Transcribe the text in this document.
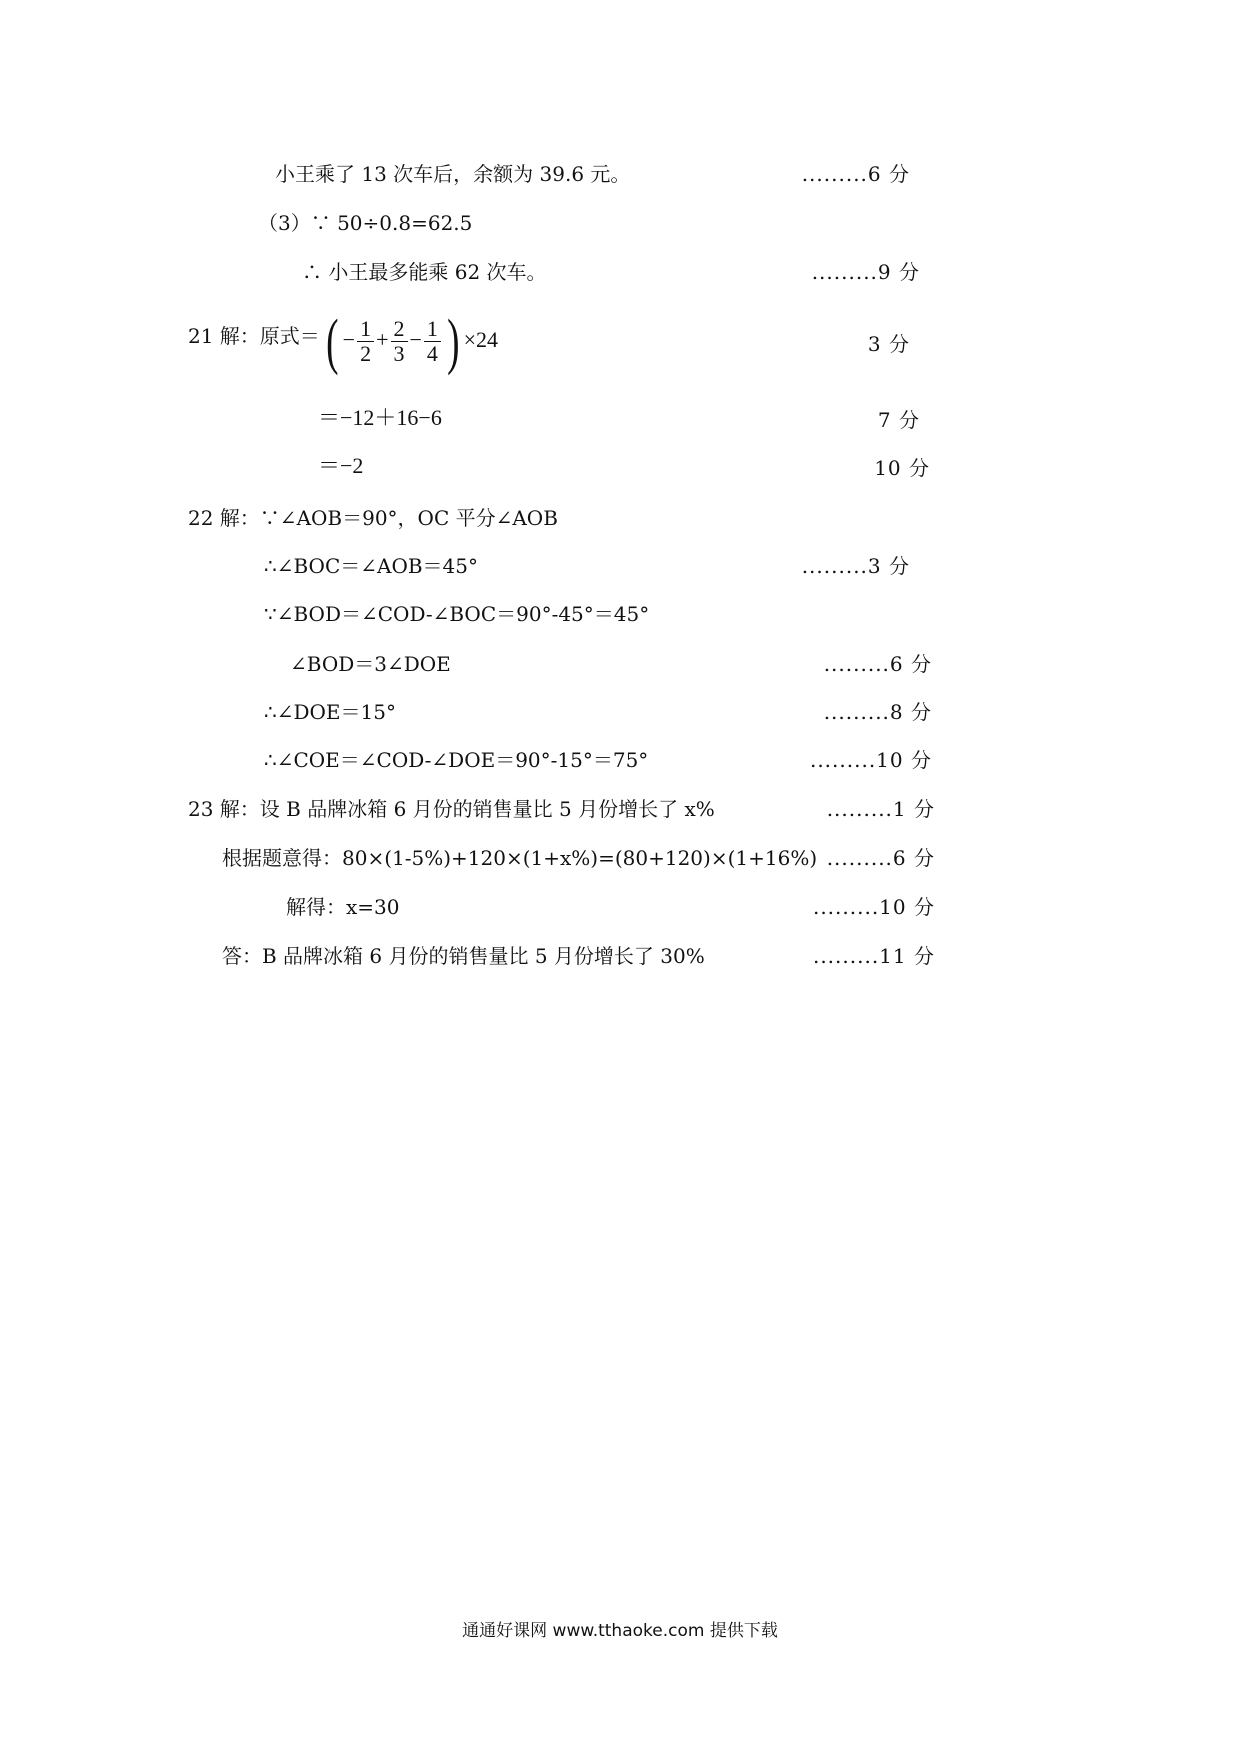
小王乘了 13 次车后，余额为 39.6 元。	.........6 分
（3）∵ 50÷0.8=62.5
∴ 小王最多能乘 62 次车。	.........9 分
21 解：原式＝ ( − $\frac{1}{2} + \frac{2}{3} - \frac{1}{4}$ ) ×24	3 分
＝−12＋16−6	7 分
＝−2	10 分
22 解：∵∠AOB＝90°，OC 平分∠AOB
∴∠BOC＝∠AOB＝45°	.........3 分
∵∠BOD＝∠COD-∠BOC＝90°-45°＝45°
∠BOD＝3∠DOE	.........6 分
∴∠DOE＝15°	.........8 分
∴∠COE＝∠COD-∠DOE＝90°-15°＝75°	.........10 分
23 解：设 B 品牌冰箱 6 月份的销售量比 5 月份增长了 x%	.........1 分
根据题意得：80×(1-5%)+120×(1+x%)=(80+120)×(1+16%) .........6 分
解得：x=30	.........10 分
答：B 品牌冰箱 6 月份的销售量比 5 月份增长了 30%	.........11 分
通通好课网 www.tthaoke.com 提供下载
